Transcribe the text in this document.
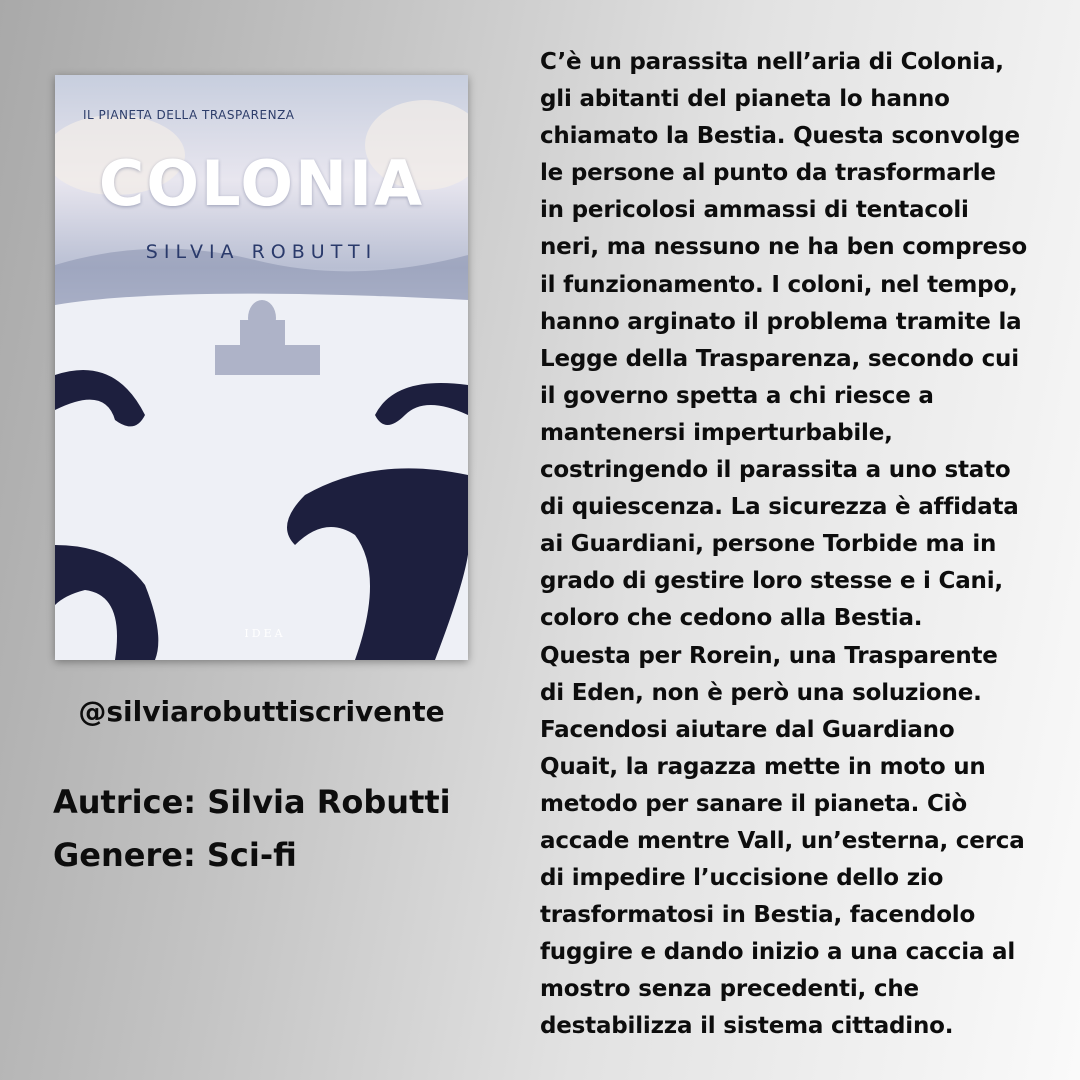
IL PIANETA DELLA TRASPARENZA
COLONIA
SILVIA ROBUTTI
IDEA
@silviarobuttiscrivente
Autrice: Silvia Robutti
Genere: Sci-fi
C’è un parassita nell’aria di Colonia,
gli abitanti del pianeta lo hanno
chiamato la Bestia. Questa sconvolge
le persone al punto da trasformarle
in pericolosi ammassi di tentacoli
neri, ma nessuno ne ha ben compreso
il funzionamento. I coloni, nel tempo,
hanno arginato il problema tramite la
Legge della Trasparenza, secondo cui
il governo spetta a chi riesce a
mantenersi imperturbabile,
costringendo il parassita a uno stato
di quiescenza. La sicurezza è affidata
ai Guardiani, persone Torbide ma in
grado di gestire loro stesse e i Cani,
coloro che cedono alla Bestia.
Questa per Rorein, una Trasparente
di Eden, non è però una soluzione.
Facendosi aiutare dal Guardiano
Quait, la ragazza mette in moto un
metodo per sanare il pianeta. Ciò
accade mentre Vall, un’esterna, cerca
di impedire l’uccisione dello zio
trasformatosi in Bestia, facendolo
fuggire e dando inizio a una caccia al
mostro senza precedenti, che
destabilizza il sistema cittadino.
